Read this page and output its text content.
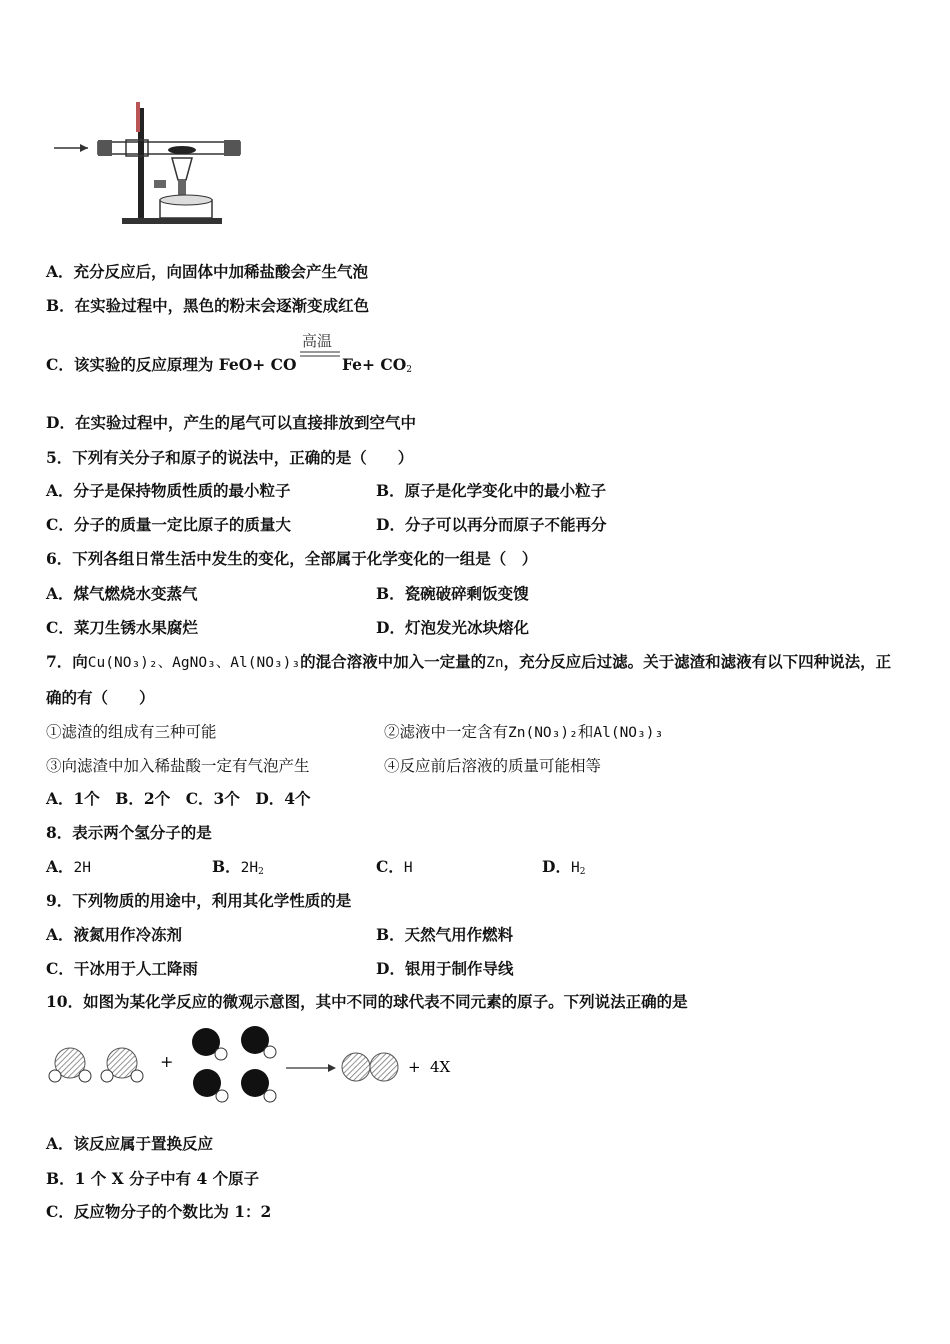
A．充分反应后，向固体中加稀盐酸会产生气泡
B．在实验过程中，黑色的粉末会逐渐变成红色
C．该实验的反应原理为 FeO+ CO
高温
$Fe+ CO_2$
D．在实验过程中，产生的尾气可以直接排放到空气中
5．下列有关分子和原子的说法中，正确的是（　　）
A．分子是保持物质性质的最小粒子	B．原子是化学变化中的最小粒子
C．分子的质量一定比原子的质量大	D．分子可以再分而原子不能再分
6．下列各组日常生活中发生的变化，全部属于化学变化的一组是（　）
A．煤气燃烧水变蒸气	B．瓷碗破碎剩饭变馊
C．菜刀生锈水果腐烂	D．灯泡发光冰块熔化
7．向Cu(NO₃)₂、AgNO₃、Al(NO₃)₃的混合溶液中加入一定量的Zn，充分反应后过滤。关于滤渣和滤液有以下四种说法，正
确的有（　　）
①滤渣的组成有三种可能	②滤液中一定含有Zn(NO₃)₂和Al(NO₃)₃
③向滤渣中加入稀盐酸一定有气泡产生	④反应前后溶液的质量可能相等
A．1个　B．2个　C．3个　D．4个
8．表示两个氢分子的是
A．2H	B．$2H_2$	C．H	D．$H_2$
9．下列物质的用途中，利用其化学性质的是
A．液氮用作冷冻剂	B．天然气用作燃料
C．干冰用于人工降雨	D．银用于制作导线
10．如图为某化学反应的微观示意图，其中不同的球代表不同元素的原子。下列说法正确的是
+	+ 4X
A．该反应属于置换反应
B．1 个 X 分子中有 4 个原子
C．反应物分子的个数比为 1：2
